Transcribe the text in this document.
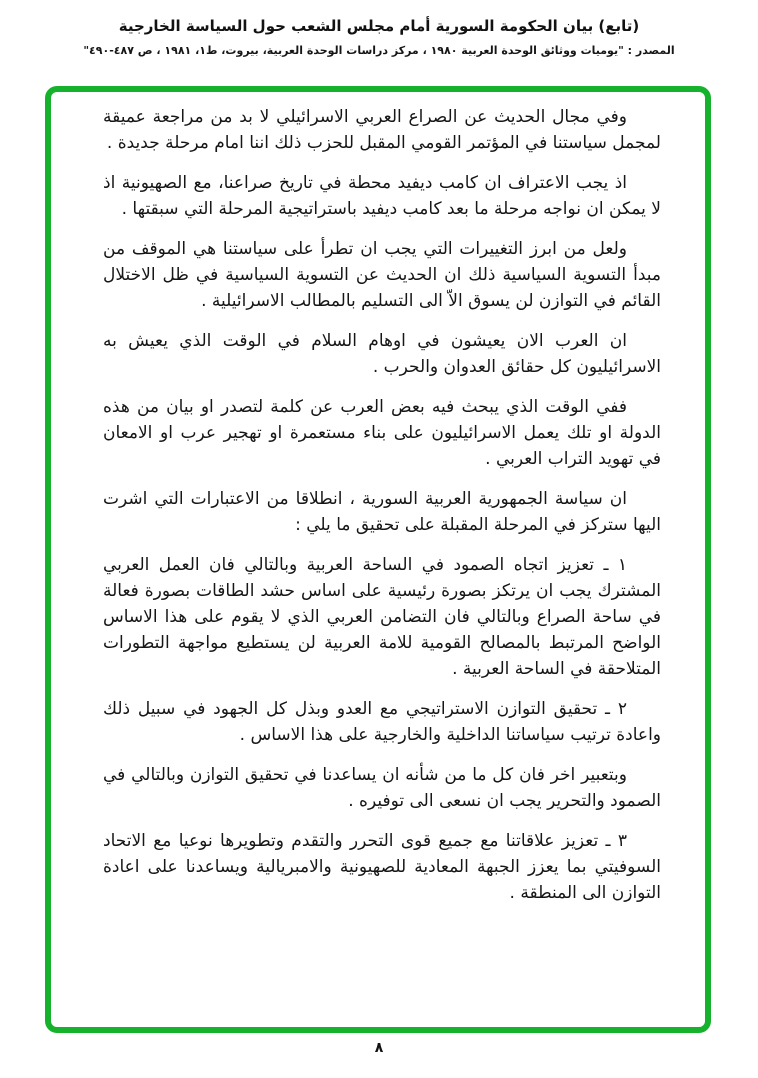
(تابع) بيان الحكومة السورية أمام مجلس الشعب حول السياسة الخارجية

المصدر : "يوميات ووثائق الوحدة العربية ١٩٨٠ ، مركز دراسات الوحدة العربية، بيروت، ط١، ١٩٨١ ، ص ٤٨٧-٤٩٠"

وفي مجال الحديث عن الصراع العربي الاسرائيلي لا بد من مراجعة عميقة لمجمل سياستنا في المؤتمر القومي المقبل للحزب ذلك اننا امام مرحلة جديدة .

اذ يجب الاعتراف ان كامب ديفيد محطة في تاريخ صراعنا، مع الصهيونية اذ لا يمكن ان نواجه مرحلة ما بعد كامب ديفيد باستراتيجية المرحلة التي سبقتها .

ولعل من ابرز التغييرات التي يجب ان تطرأ على سياستنا هي الموقف من مبدأ التسوية السياسية ذلك ان الحديث عن التسوية السياسية في ظل الاختلال القائم في التوازن لن يسوق الاّ الى التسليم بالمطالب الاسرائيلية .

ان العرب الان يعيشون في اوهام السلام في الوقت الذي يعيش به الاسرائيليون كل حقائق العدوان والحرب .

ففي الوقت الذي يبحث فيه بعض العرب عن كلمة لتصدر او بيان من هذه الدولة او تلك يعمل الاسرائيليون على بناء مستعمرة او تهجير عرب او الامعان في تهويد التراب العربي .

ان سياسة الجمهورية العربية السورية ، انطلاقا من الاعتبارات التي اشرت اليها ستركز في المرحلة المقبلة على تحقيق ما يلي :

١ ـ تعزيز اتجاه الصمود في الساحة العربية وبالتالي فان العمل العربي المشترك يجب ان يرتكز بصورة رئيسية على اساس حشد الطاقات بصورة فعالة في ساحة الصراع وبالتالي فان التضامن العربي الذي لا يقوم على هذا الاساس الواضح المرتبط بالمصالح القومية للامة العربية لن يستطيع مواجهة التطورات المتلاحقة في الساحة العربية .

٢ ـ تحقيق التوازن الاستراتيجي مع العدو وبذل كل الجهود في سبيل ذلك واعادة ترتيب سياساتنا الداخلية والخارجية على هذا الاساس .

وبتعبير اخر فان كل ما من شأنه ان يساعدنا في تحقيق التوازن وبالتالي في الصمود والتحرير يجب ان نسعى الى توفيره .

٣ ـ تعزيز علاقاتنا مع جميع قوى التحرر والتقدم وتطويرها نوعيا مع الاتحاد السوفيتي بما يعزز الجبهة المعادية للصهيونية والامبريالية ويساعدنا على اعادة التوازن الى المنطقة .

٨
